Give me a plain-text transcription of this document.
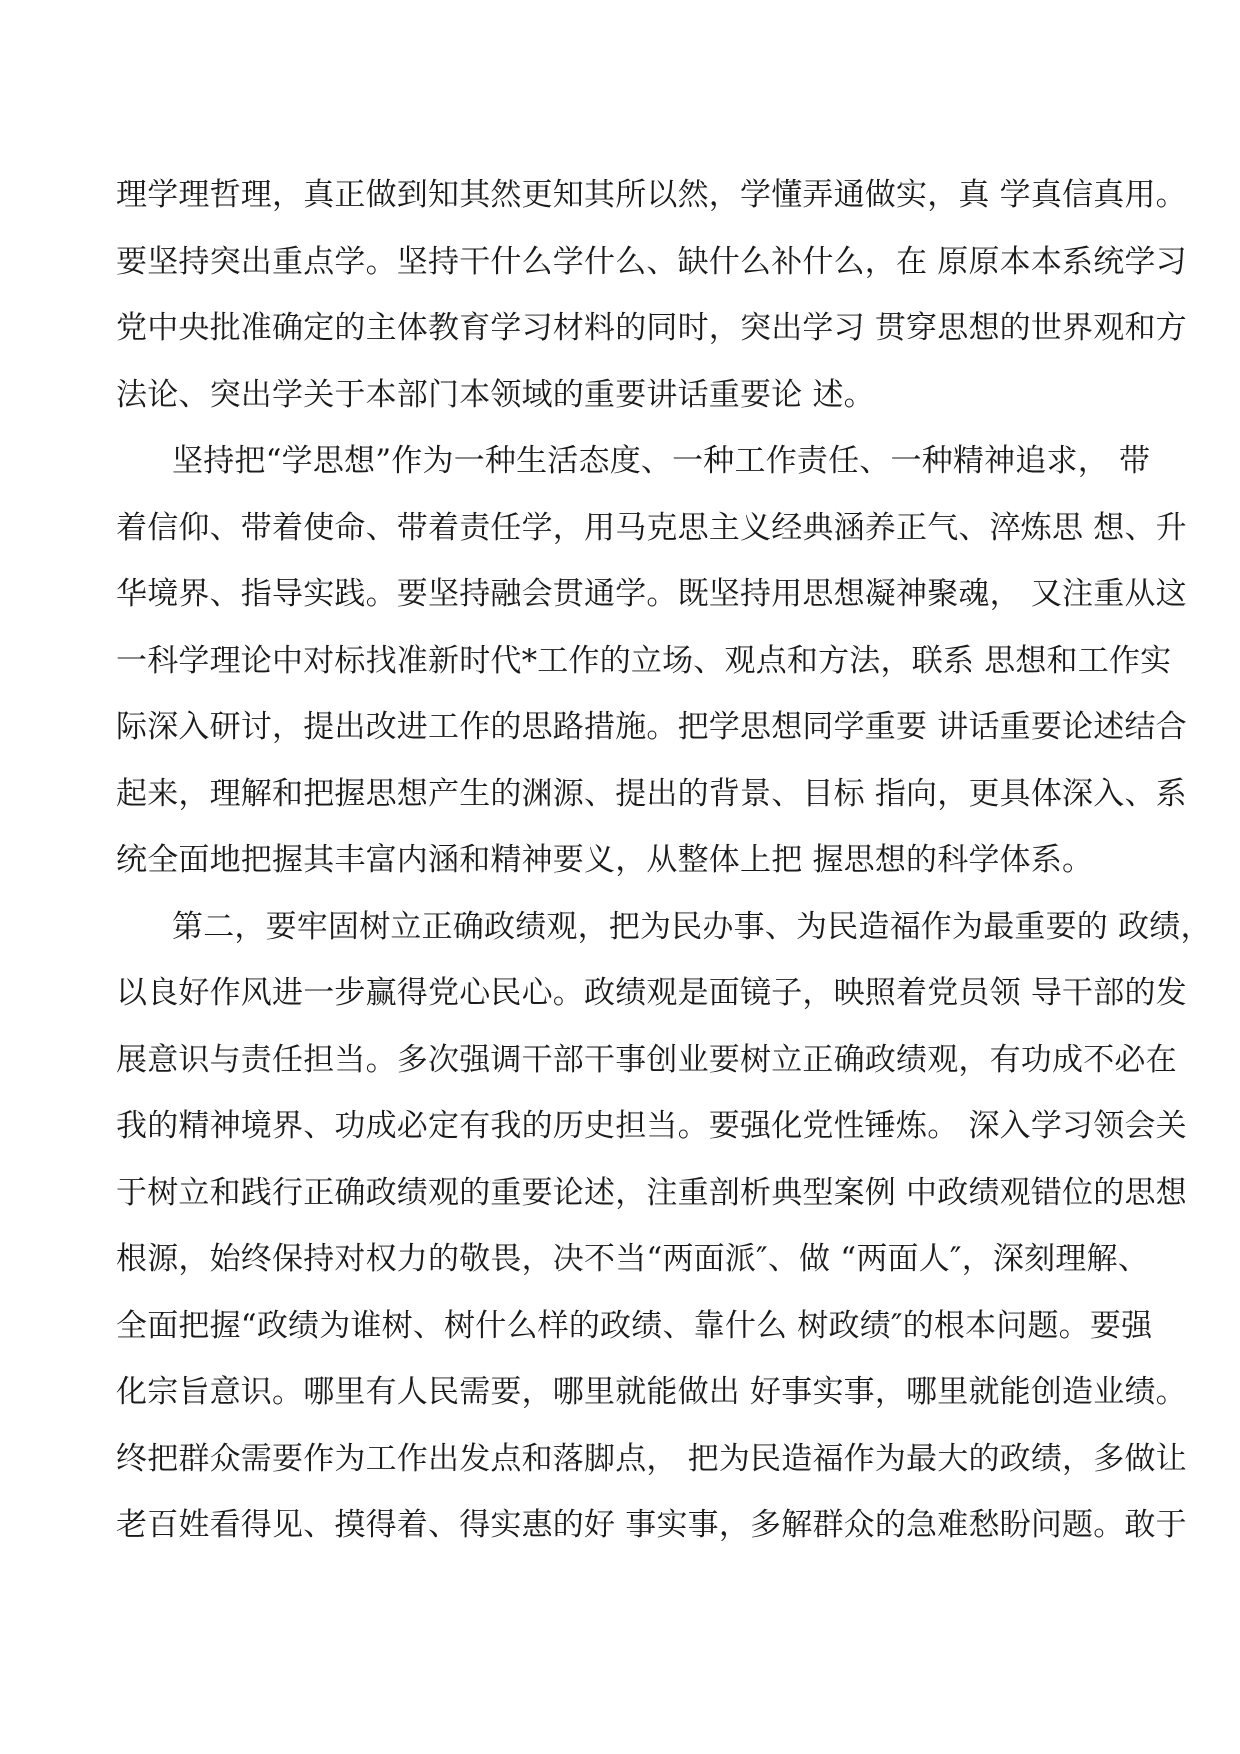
理学理哲理，真正做到知其然更知其所以然，学懂弄通做实，真 学真信真用。
要坚持突出重点学。坚持干什么学什么、缺什么补什么，在 原原本本系统学习
党中央批准确定的主体教育学习材料的同时，突出学习 贯穿思想的世界观和方
法论、突出学关于本部门本领域的重要讲话重要论 述。
坚持把“学思想”作为一种生活态度、一种工作责任、一种精神追求， 带
着信仰、带着使命、带着责任学，用马克思主义经典涵养正气、淬炼思 想、升
华境界、指导实践。要坚持融会贯通学。既坚持用思想凝神聚魂， 又注重从这
一科学理论中对标找准新时代*工作的立场、观点和方法，联系 思想和工作实
际深入研讨，提出改进工作的思路措施。把学思想同学重要 讲话重要论述结合
起来，理解和把握思想产生的渊源、提出的背景、目标 指向，更具体深入、系
统全面地把握其丰富内涵和精神要义，从整体上把 握思想的科学体系。
第二，要牢固树立正确政绩观，把为民办事、为民造福作为最重要的 政绩，
以良好作风进一步赢得党心民心。政绩观是面镜子，映照着党员领 导干部的发
展意识与责任担当。多次强调干部干事创业要树立正确政绩观，有功成不必在
我的精神境界、功成必定有我的历史担当。要强化党性锤炼。 深入学习领会关
于树立和践行正确政绩观的重要论述，注重剖析典型案例 中政绩观错位的思想
根源，始终保持对权力的敬畏，决不当“两面派″、做 “两面人″，深刻理解、
全面把握“政绩为谁树、树什么样的政绩、靠什么 树政绩″的根本问题。要强
化宗旨意识。哪里有人民需要，哪里就能做出 好事实事，哪里就能创造业绩。
终把群众需要作为工作出发点和落脚点， 把为民造福作为最大的政绩，多做让
老百姓看得见、摸得着、得实惠的好 事实事，多解群众的急难愁盼问题。敢于
